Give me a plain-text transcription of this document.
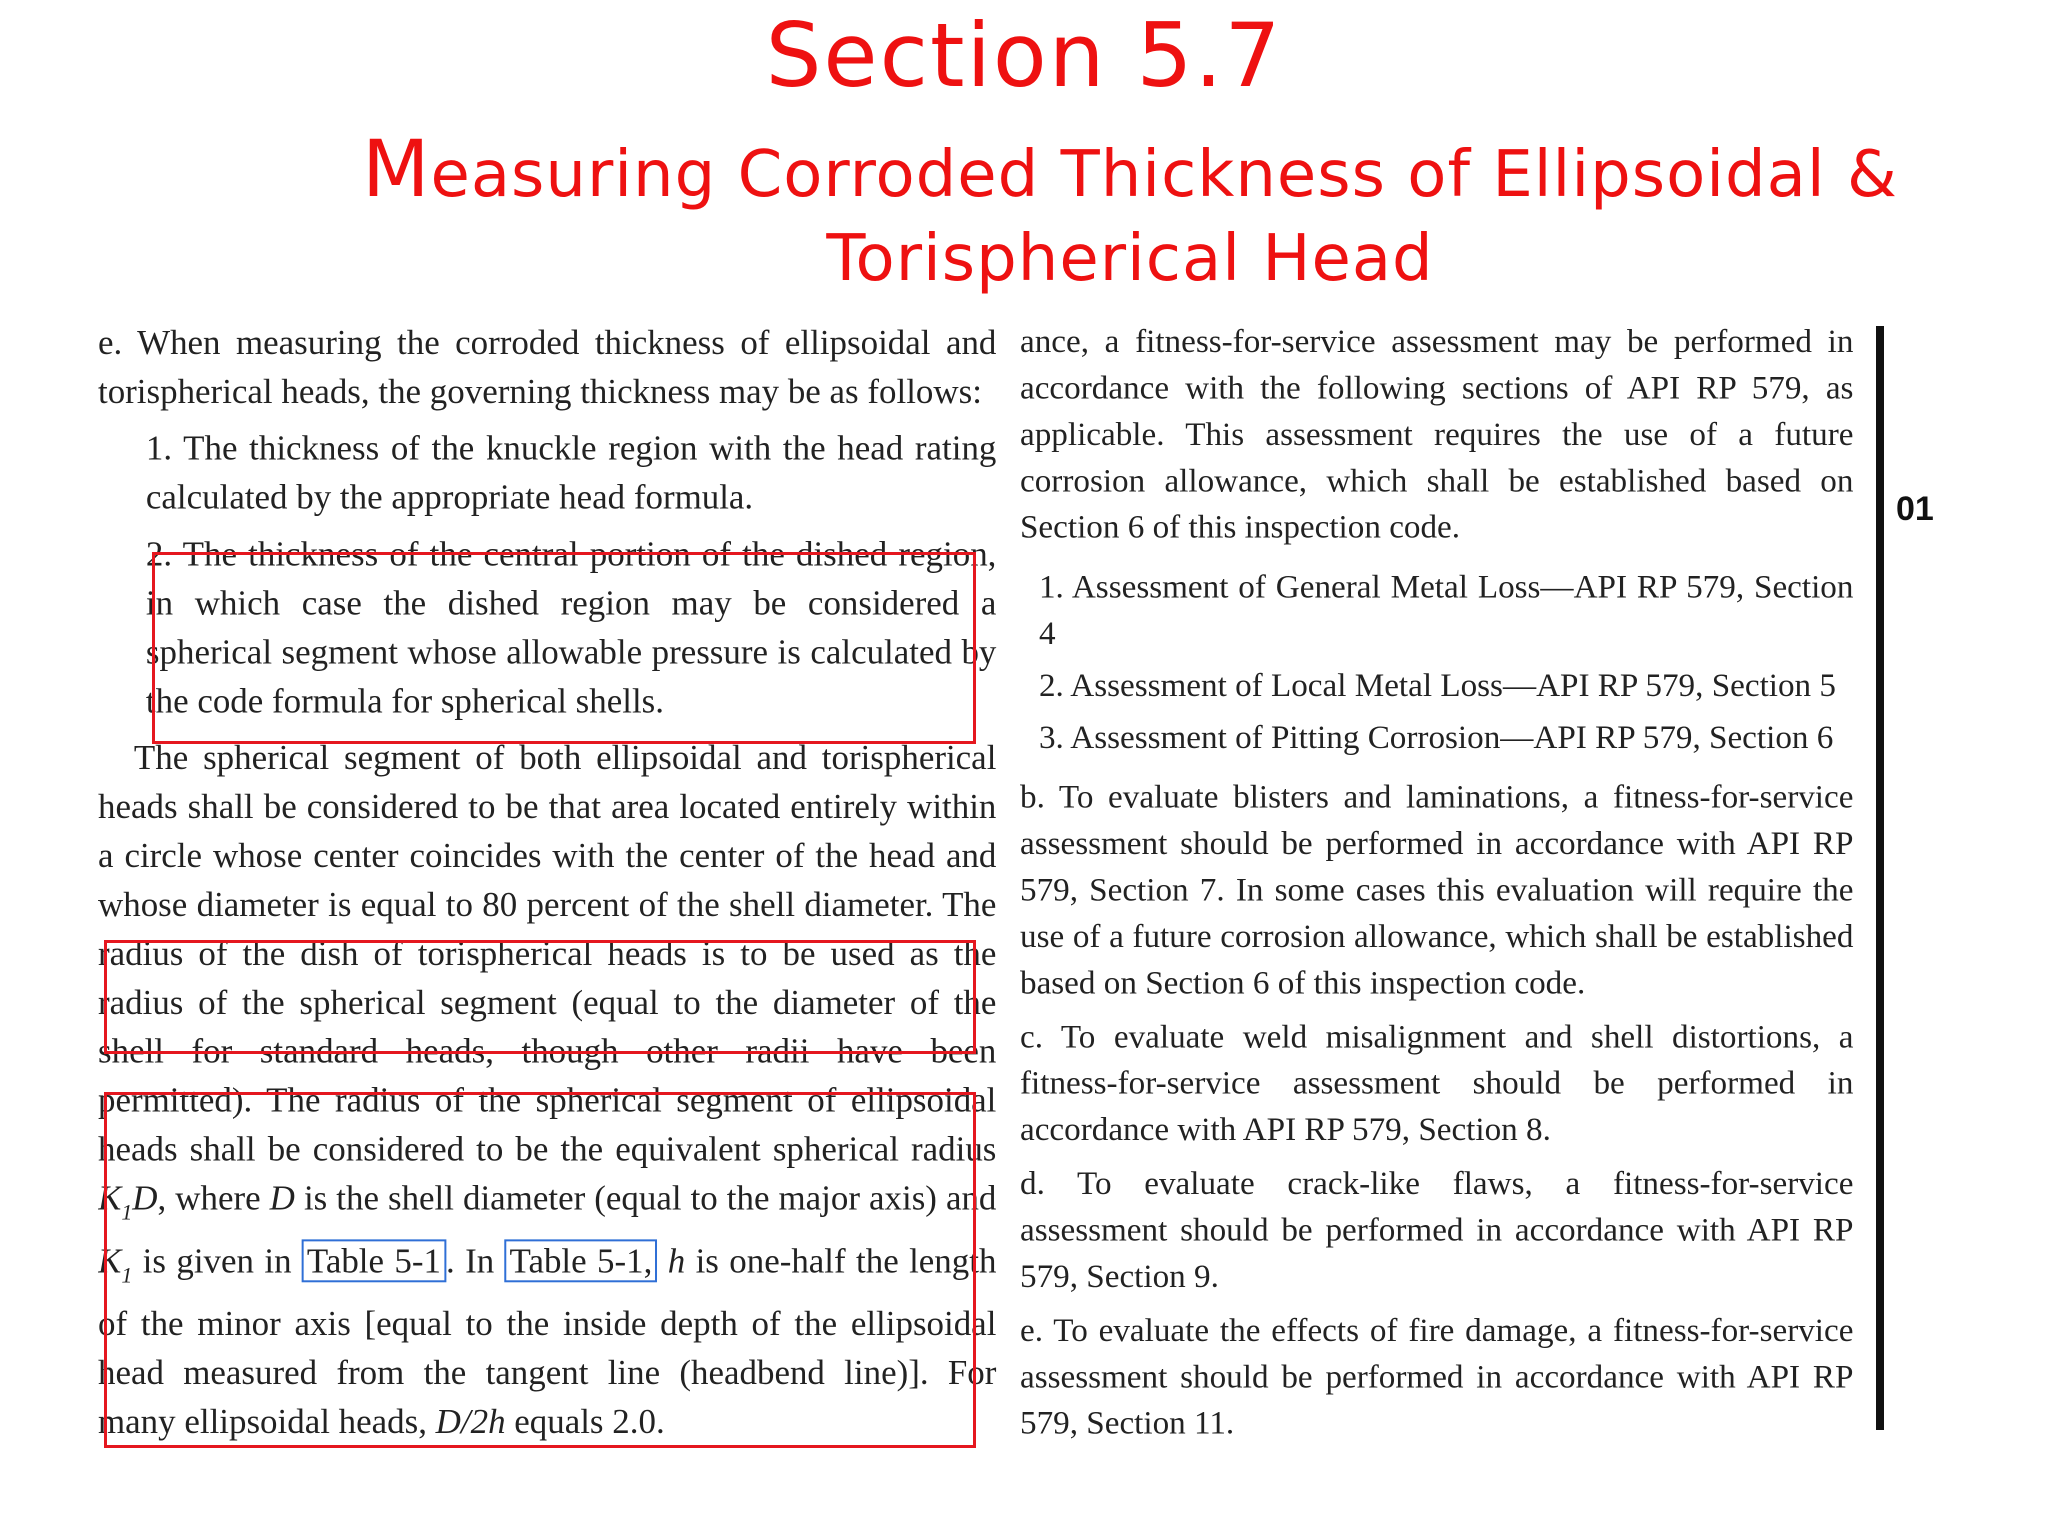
Section 5.7
Measuring Corroded Thickness of Ellipsoidal &
Torispherical Head

e. When measuring the corroded thickness of ellipsoidal and torispherical heads, the governing thickness may be as follows:

1. The thickness of the knuckle region with the head rating calculated by the appropriate head formula.

2. The thickness of the central portion of the dished region, in which case the dished region may be considered a spherical segment whose allowable pressure is calculated by the code formula for spherical shells.

The spherical segment of both ellipsoidal and torispherical heads shall be considered to be that area located entirely within a circle whose center coincides with the center of the head and whose diameter is equal to 80 percent of the shell diameter. The radius of the dish of torispherical heads is to be used as the radius of the spherical segment (equal to the diameter of the shell for standard heads, though other radii have been permitted). The radius of the spherical segment of ellipsoidal heads shall be considered to be the equivalent spherical radius $K_1D$, where D is the shell diameter (equal to the major axis) and $K_1$ is given in Table 5-1 . In Table 5-1, h is one-half the length of the minor axis [equal to the inside depth of the ellipsoidal head measured from the tangent line (headbend line)]. For many ellipsoidal heads, D/2h equals 2.0.

ance, a fitness-for-service assessment may be performed in accordance with the following sections of API RP 579, as applicable. This assessment requires the use of a future corrosion allowance, which shall be established based on Section 6 of this inspection code.

1. Assessment of General Metal Loss—API RP 579, Section 4

2. Assessment of Local Metal Loss—API RP 579, Section 5

3. Assessment of Pitting Corrosion—API RP 579, Section 6

b. To evaluate blisters and laminations, a fitness-for-service assessment should be performed in accordance with API RP 579, Section 7. In some cases this evaluation will require the use of a future corrosion allowance, which shall be established based on Section 6 of this inspection code.

c. To evaluate weld misalignment and shell distortions, a fitness-for-service assessment should be performed in accordance with API RP 579, Section 8.

d. To evaluate crack-like flaws, a fitness-for-service assessment should be performed in accordance with API RP 579, Section 9.

e. To evaluate the effects of fire damage, a fitness-for-service assessment should be performed in accordance with API RP 579, Section 11.

01
